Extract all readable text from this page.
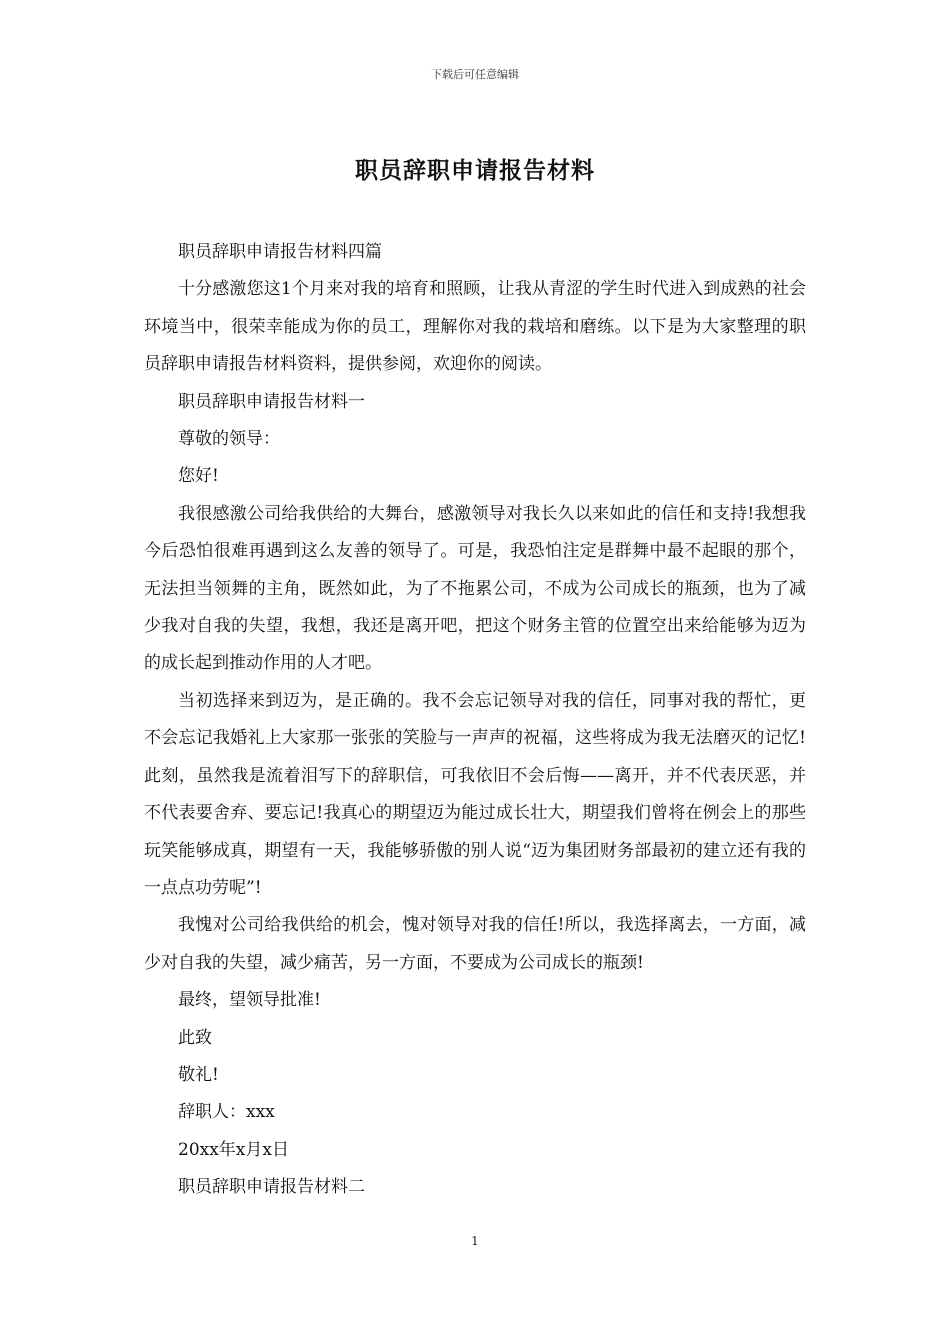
下载后可任意编辑
职员辞职申请报告材料

职员辞职申请报告材料四篇

十分感激您这1个月来对我的培育和照顾，让我从青涩的学生时代进入到成熟的社会环境当中，很荣幸能成为你的员工，理解你对我的栽培和磨练。以下是为大家整理的职员辞职申请报告材料资料，提供参阅，欢迎你的阅读。

职员辞职申请报告材料一

尊敬的领导：

您好!

我很感激公司给我供给的大舞台，感激领导对我长久以来如此的信任和支持!我想我今后恐怕很难再遇到这么友善的领导了。可是，我恐怕注定是群舞中最不起眼的那个，无法担当领舞的主角，既然如此，为了不拖累公司，不成为公司成长的瓶颈，也为了减少我对自我的失望，我想，我还是离开吧，把这个财务主管的位置空出来给能够为迈为的成长起到推动作用的人才吧。

当初选择来到迈为，是正确的。我不会忘记领导对我的信任，同事对我的帮忙，更不会忘记我婚礼上大家那一张张的笑脸与一声声的祝福，这些将成为我无法磨灭的记忆!此刻，虽然我是流着泪写下的辞职信，可我依旧不会后悔——离开，并不代表厌恶，并不代表要舍弃、要忘记!我真心的期望迈为能过成长壮大，期望我们曾将在例会上的那些玩笑能够成真，期望有一天，我能够骄傲的别人说“迈为集团财务部最初的建立还有我的一点点功劳呢”!

我愧对公司给我供给的机会，愧对领导对我的信任!所以，我选择离去，一方面，减少对自我的失望，减少痛苦，另一方面，不要成为公司成长的瓶颈!

最终，望领导批准!

此致

敬礼!

辞职人：xxx

20xx年x月x日

职员辞职申请报告材料二

1
